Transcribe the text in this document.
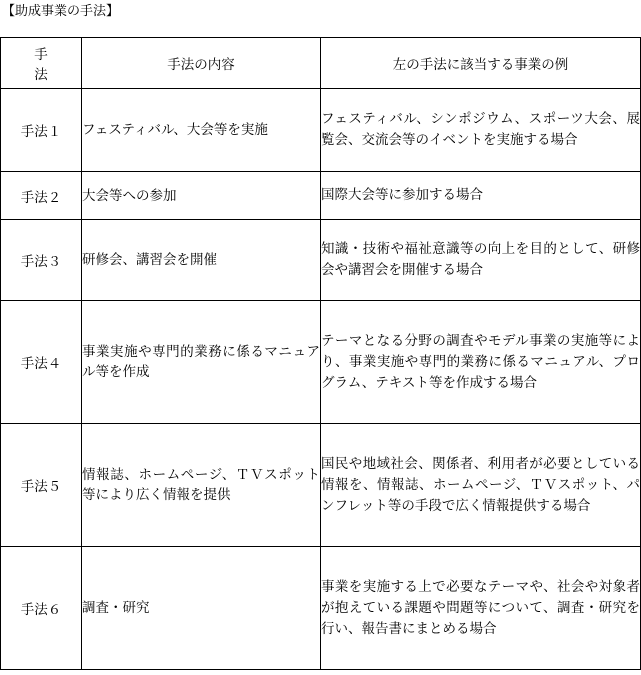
【助成事業の手法】
手　法	手法の内容	左の手法に該当する事業の例
手法１	フェスティバル、大会等を実施	フェスティバル、シンポジウム、スポーツ大会、展覧会、交流会等のイベントを実施する場合
手法２	大会等への参加	国際大会等に参加する場合
手法３	研修会、講習会を開催	知識・技術や福祉意識等の向上を目的として、研修会や講習会を開催する場合
手法４	事業実施や専門的業務に係るマニュアル等を作成	テーマとなる分野の調査やモデル事業の実施等により、事業実施や専門的業務に係るマニュアル、プログラム、テキスト等を作成する場合
手法５	情報誌、ホームページ、ＴＶスポット等により広く情報を提供	国民や地域社会、関係者、利用者が必要としている情報を、情報誌、ホームページ、ＴＶスポット、パンフレット等の手段で広く情報提供する場合
手法６	調査・研究	事業を実施する上で必要なテーマや、社会や対象者が抱えている課題や問題等について、調査・研究を行い、報告書にまとめる場合
